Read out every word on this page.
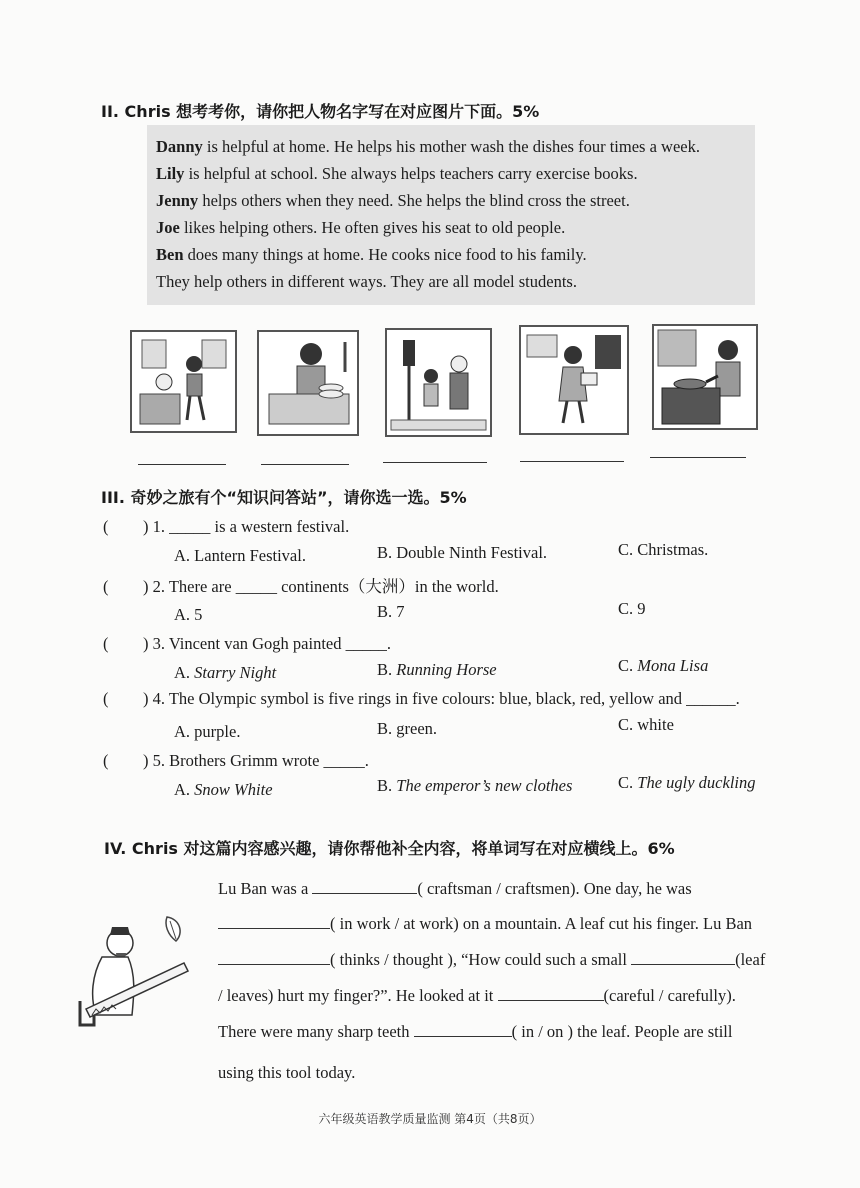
II. Chris 想考考你，请你把人物名字写在对应图片下面。5%
Danny is helpful at home. He helps his mother wash the dishes four times a week.
Lily is helpful at school. She always helps teachers carry exercise books.
Jenny helps others when they need. She helps the blind cross the street.
Joe likes helping others. He often gives his seat to old people.
Ben does many things at home. He cooks nice food to his family.
They help others in different ways. They are all model students.
III. 奇妙之旅有个“知识问答站”，请你选一选。5%
( ) 1. _____ is a western festival.
A. Lantern Festival.	B. Double Ninth Festival.	C. Christmas.
( ) 2. There are _____ continents（大洲）in the world.
A. 5	B. 7	C. 9
( ) 3. Vincent van Gogh painted _____.
A. Starry Night	B. Running Horse	C. Mona Lisa
( ) 4. The Olympic symbol is five rings in five colours: blue, black, red, yellow and ______.
A. purple.	B. green.	C. white
( ) 5. Brothers Grimm wrote _____.
A. Snow White	B. The emperor’s new clothes	C. The ugly duckling
IV. Chris 对这篇内容感兴趣，请你帮他补全内容，将单词写在对应横线上。6%
Lu Ban was a	( craftsman / craftsmen). One day, he was
( in work / at work) on a mountain. A leaf cut his finger. Lu Ban
( thinks / thought ), “How could such a small	(leaf
/ leaves) hurt my finger?”. He looked at it	(careful / carefully).
There were many sharp teeth	( in / on ) the leaf. People are still
using this tool today.
六年级英语教学质量监测 第4页（共8页）
